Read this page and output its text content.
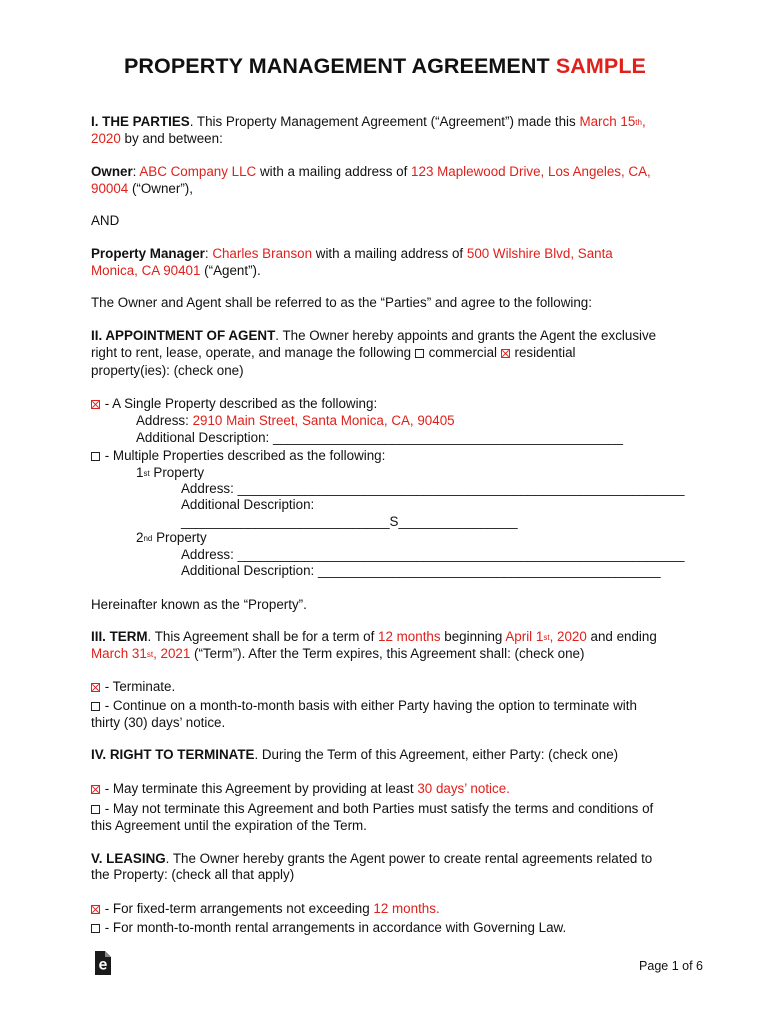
PROPERTY MANAGEMENT AGREEMENT SAMPLE
I. THE PARTIES. This Property Management Agreement (“Agreement”) made this March 15th,
2020 by and between:
Owner: ABC Company LLC with a mailing address of 123 Maplewood Drive, Los Angeles, CA,
90004 (“Owner”),
AND
Property Manager: Charles Branson with a mailing address of 500 Wilshire Blvd, Santa
Monica, CA 90401 (“Agent”).
The Owner and Agent shall be referred to as the “Parties” and agree to the following:
II. APPOINTMENT OF AGENT. The Owner hereby appoints and grants the Agent the exclusive
right to rent, lease, operate, and manage the following  commercial residential
property(ies): (check one)
- A Single Property described as the following:
Address: 2910 Main Street, Santa Monica, CA, 90405
Additional Description: _______________________________________________
- Multiple Properties described as the following:
1st Property
Address: ____________________________________________________________
Additional Description:
____________________________S________________
2nd Property
Address: ____________________________________________________________
Additional Description: ______________________________________________
Hereinafter known as the “Property”.
III. TERM. This Agreement shall be for a term of 12 months beginning April 1st, 2020 and ending
March 31st, 2021 (“Term”). After the Term expires, this Agreement shall: (check one)
- Terminate.
- Continue on a month-to-month basis with either Party having the option to terminate with
thirty (30) days’ notice.
IV. RIGHT TO TERMINATE. During the Term of this Agreement, either Party: (check one)
- May terminate this Agreement by providing at least 30 days’ notice.
- May not terminate this Agreement and both Parties must satisfy the terms and conditions of
this Agreement until the expiration of the Term.
V. LEASING. The Owner hereby grants the Agent power to create rental agreements related to
the Property: (check all that apply)
- For fixed-term arrangements not exceeding 12 months.
- For month-to-month rental arrangements in accordance with Governing Law.
Page 1 of 6
